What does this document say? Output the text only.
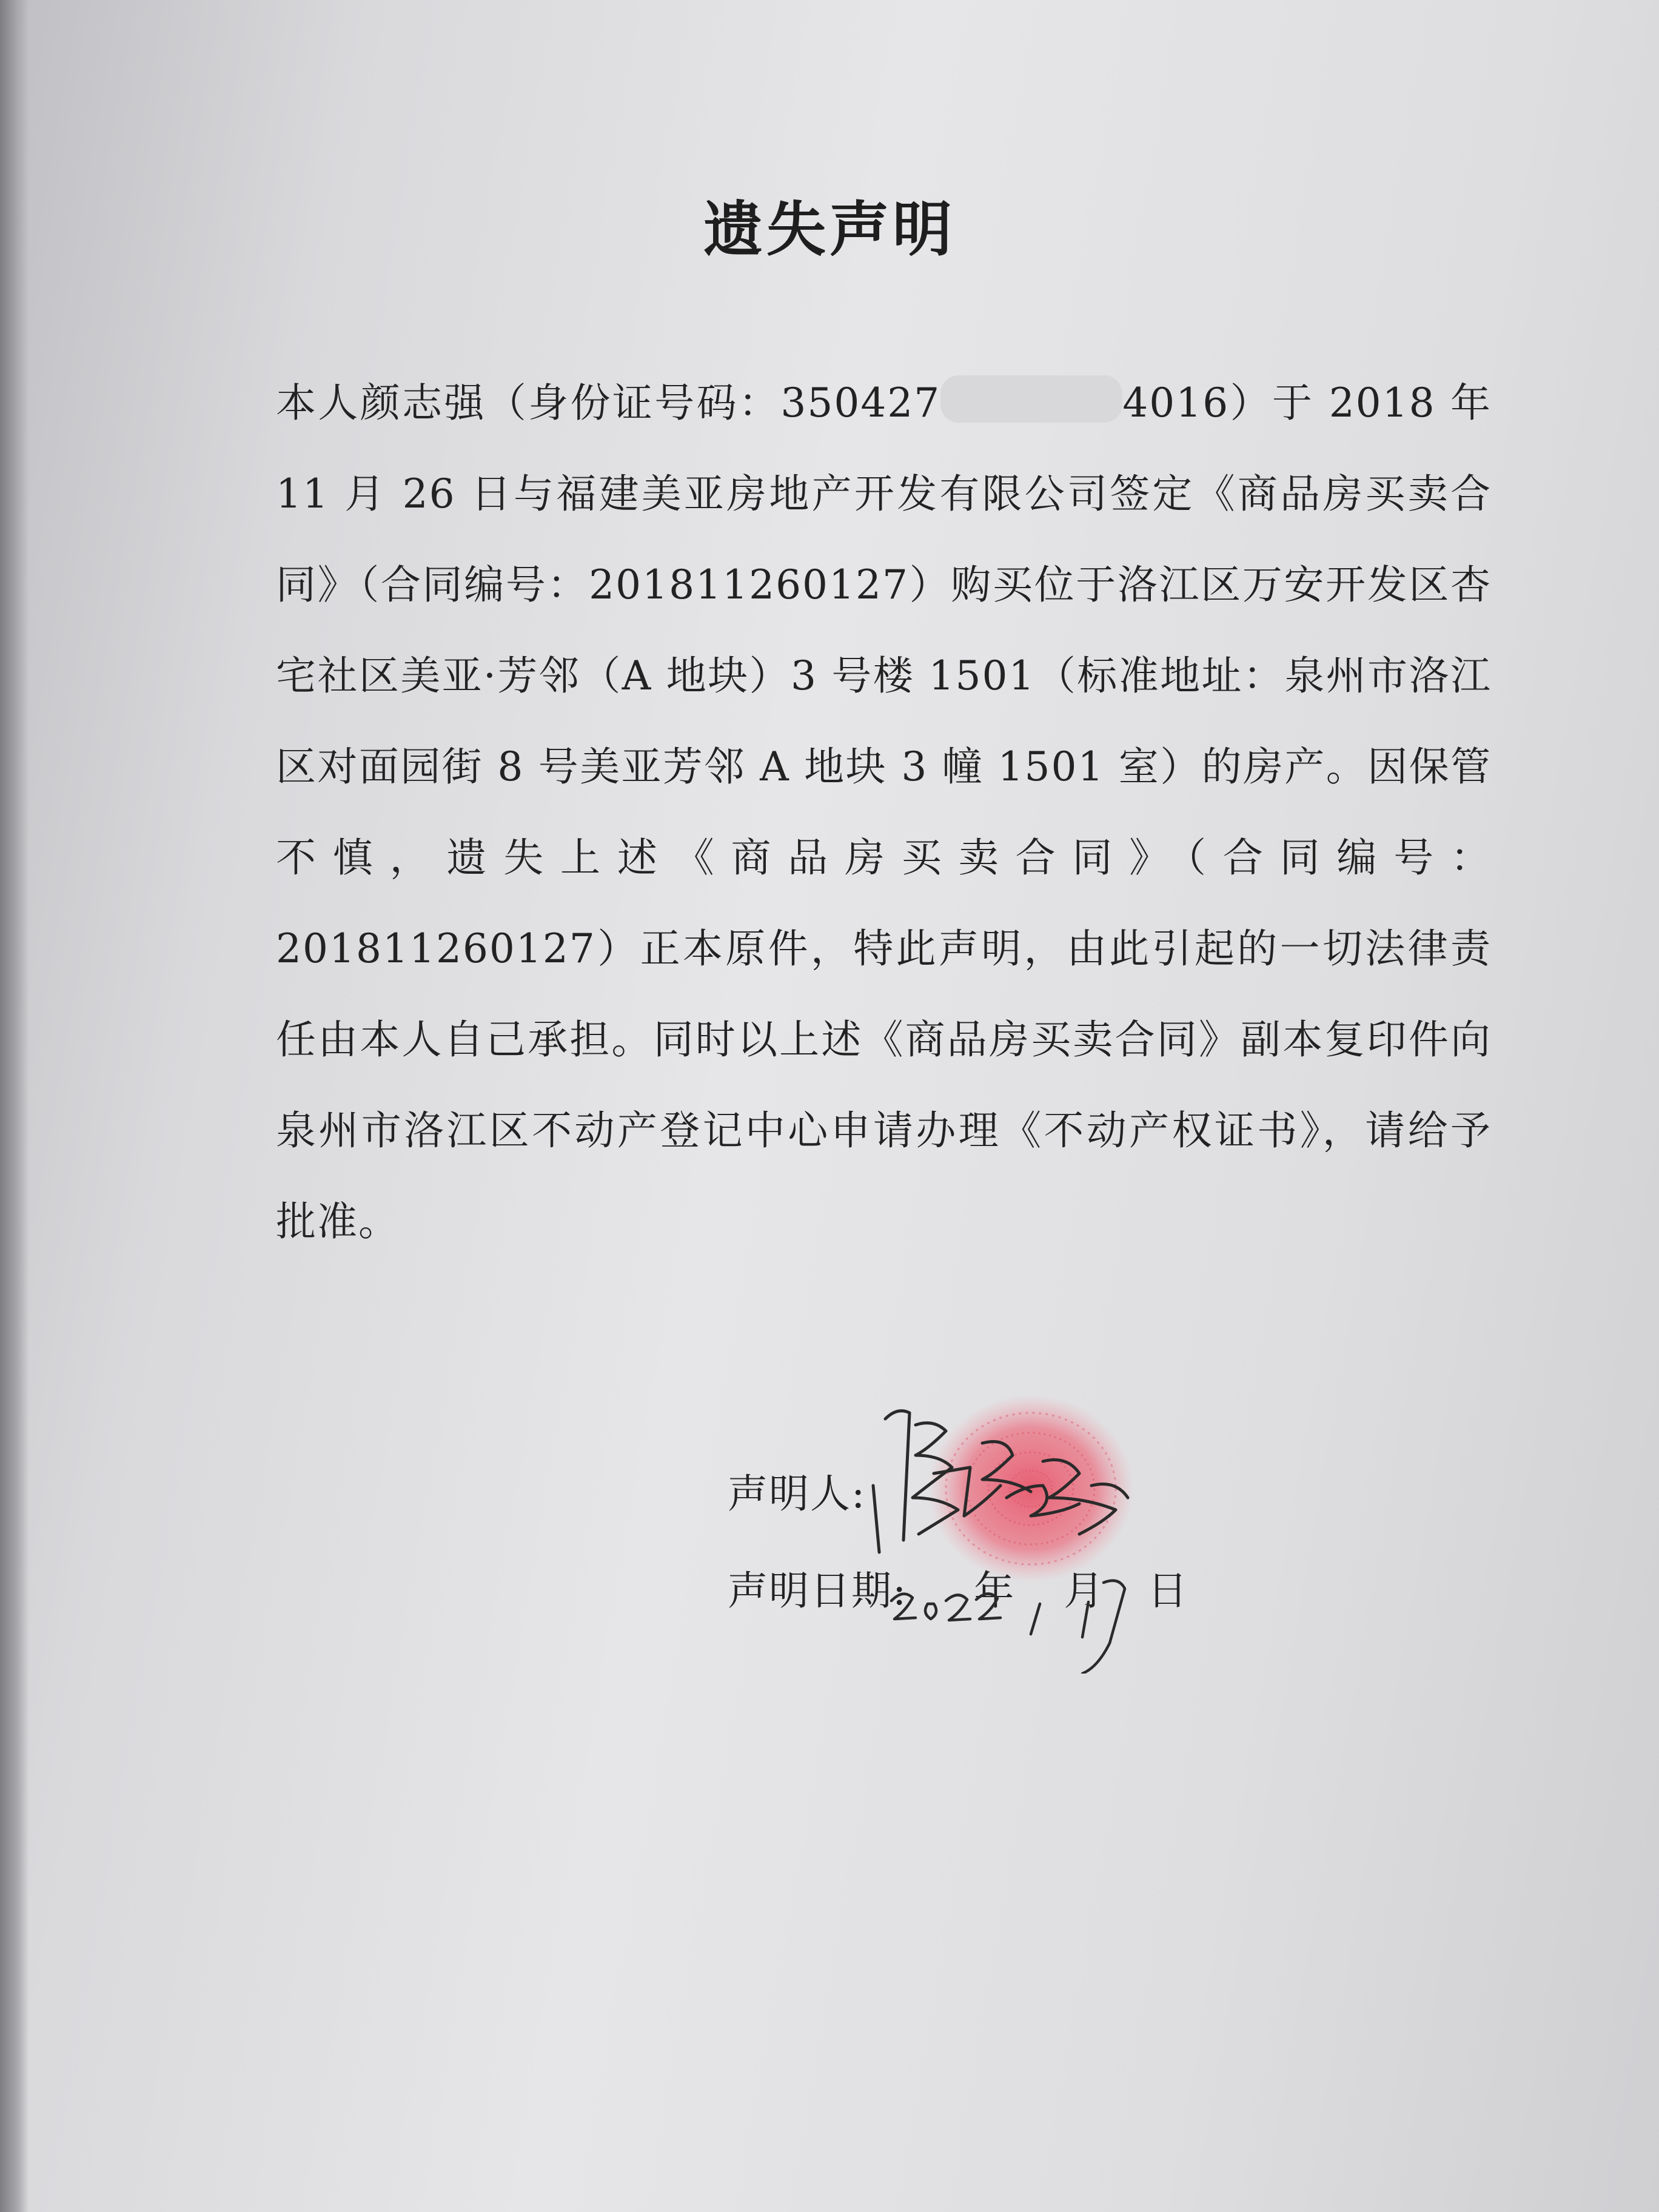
遗失声明
本人颜志强（身份证号码：350427	4016）于 2018 年 11 月 26 日与福建美亚房地产开发有限公司签定《商品房买卖合同》（合同编号：201811260127）购买位于洛江区万安开发区杏宅社区美亚·芳邻（A 地块）3 号楼 1501（标准地址：泉州市洛江区对面园街 8 号美亚芳邻 A 地块 3 幢 1501 室）的房产。因保管不慎，遗失上述《商品房买卖合同》（合同编号：201811260127）正本原件，特此声明，由此引起的一切法律责任由本人自己承担。同时以上述《商品房买卖合同》副本复印件向泉州市洛江区不动产登记中心申请办理《不动产权证书》，请给予批准。
声明人:
声明日期: 年 月 日
